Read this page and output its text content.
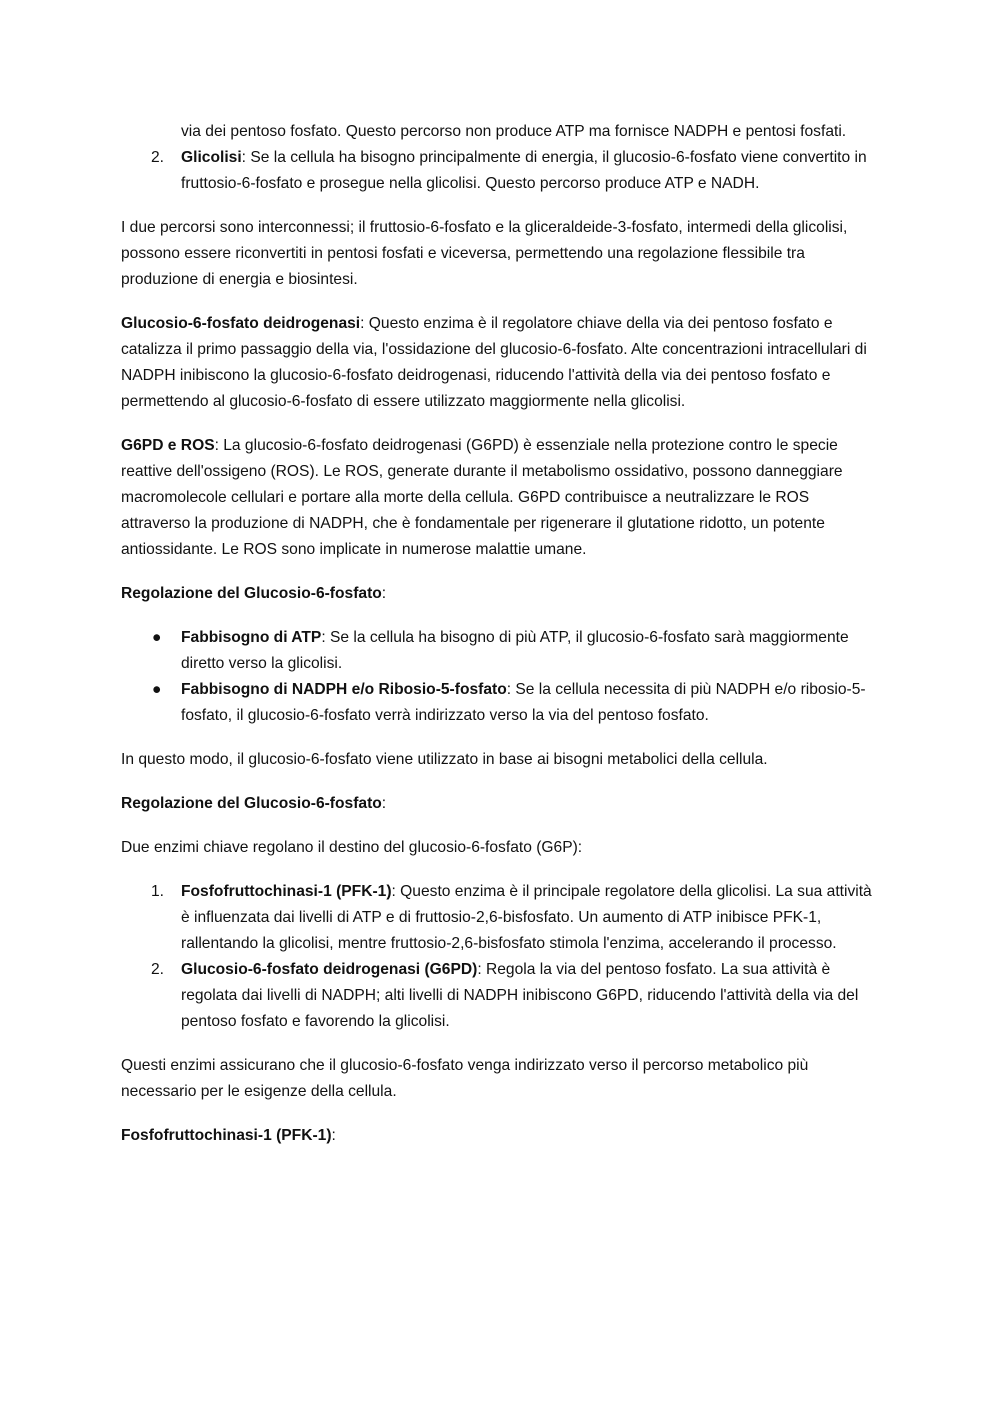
via dei pentoso fosfato. Questo percorso non produce ATP ma fornisce NADPH e pentosi fosfati.
2. Glicolisi: Se la cellula ha bisogno principalmente di energia, il glucosio-6-fosfato viene convertito in fruttosio-6-fosfato e prosegue nella glicolisi. Questo percorso produce ATP e NADH.

I due percorsi sono interconnessi; il fruttosio-6-fosfato e la gliceraldeide-3-fosfato, intermedi della glicolisi, possono essere riconvertiti in pentosi fosfati e viceversa, permettendo una regolazione flessibile tra produzione di energia e biosintesi.

Glucosio-6-fosfato deidrogenasi: Questo enzima è il regolatore chiave della via dei pentoso fosfato e catalizza il primo passaggio della via, l'ossidazione del glucosio-6-fosfato. Alte concentrazioni intracellulari di NADPH inibiscono la glucosio-6-fosfato deidrogenasi, riducendo l'attività della via dei pentoso fosfato e permettendo al glucosio-6-fosfato di essere utilizzato maggiormente nella glicolisi.

G6PD e ROS: La glucosio-6-fosfato deidrogenasi (G6PD) è essenziale nella protezione contro le specie reattive dell'ossigeno (ROS). Le ROS, generate durante il metabolismo ossidativo, possono danneggiare macromolecole cellulari e portare alla morte della cellula. G6PD contribuisce a neutralizzare le ROS attraverso la produzione di NADPH, che è fondamentale per rigenerare il glutatione ridotto, un potente antiossidante. Le ROS sono implicate in numerose malattie umane.

Regolazione del Glucosio-6-fosfato:

● Fabbisogno di ATP: Se la cellula ha bisogno di più ATP, il glucosio-6-fosfato sarà maggiormente diretto verso la glicolisi.
● Fabbisogno di NADPH e/o Ribosio-5-fosfato: Se la cellula necessita di più NADPH e/o ribosio-5-fosfato, il glucosio-6-fosfato verrà indirizzato verso la via del pentoso fosfato.

In questo modo, il glucosio-6-fosfato viene utilizzato in base ai bisogni metabolici della cellula.

Regolazione del Glucosio-6-fosfato:

Due enzimi chiave regolano il destino del glucosio-6-fosfato (G6P):

1. Fosfofruttochinasi-1 (PFK-1): Questo enzima è il principale regolatore della glicolisi. La sua attività è influenzata dai livelli di ATP e di fruttosio-2,6-bisfosfato. Un aumento di ATP inibisce PFK-1, rallentando la glicolisi, mentre fruttosio-2,6-bisfosfato stimola l'enzima, accelerando il processo.
2. Glucosio-6-fosfato deidrogenasi (G6PD): Regola la via del pentoso fosfato. La sua attività è regolata dai livelli di NADPH; alti livelli di NADPH inibiscono G6PD, riducendo l'attività della via del pentoso fosfato e favorendo la glicolisi.

Questi enzimi assicurano che il glucosio-6-fosfato venga indirizzato verso il percorso metabolico più necessario per le esigenze della cellula.

Fosfofruttochinasi-1 (PFK-1):
